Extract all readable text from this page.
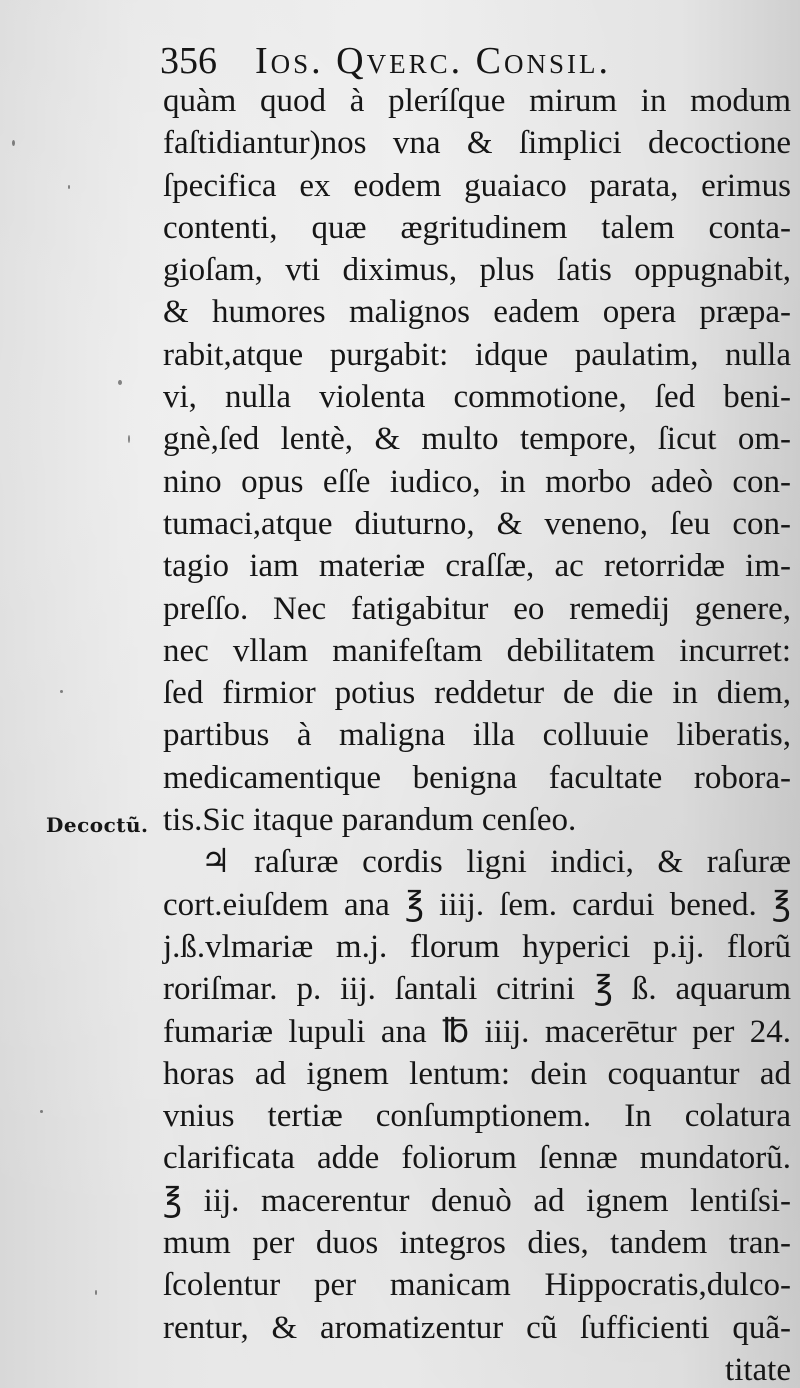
356 Ios. Qverc. Consil.
Decoctũ.
quàm quod à pleríſque mirum in modum
faſtidiantur)nos vna & ſimplici decoctione
ſpecifica ex eodem guaiaco parata, erimus
contenti, quæ ægritudinem talem conta-
gioſam, vti diximus, plus ſatis oppugnabit,
& humores malignos eadem opera præpa-
rabit,atque purgabit: idque paulatim, nulla
vi, nulla violenta commotione, ſed beni-
gnè,ſed lentè, & multo tempore, ſicut om-
nino opus eſſe iudico, in morbo adeò con-
tumaci,atque diuturno, & veneno, ſeu con-
tagio iam materiæ craſſæ, ac retorridæ im-
preſſo. Nec fatigabitur eo remedij genere,
nec vllam manifeſtam debilitatem incurret:
ſed firmior potius reddetur de die in diem,
partibus à maligna illa colluuie liberatis,
medicamentique benigna facultate robora-
tis.Sic itaque parandum cenſeo.
♃ raſuræ cordis ligni indici, & raſuræ
cort.eiuſdem ana ℥ iiij. ſem. cardui bened. ℥
j.ß.vlmariæ m.j. florum hyperici p.ij. florũ
roriſmar. p. iij. ſantali citrini ℥ ß. aquarum
fumariæ lupuli ana ℔ iiij. macerētur per 24.
horas ad ignem lentum: dein coquantur ad
vnius tertiæ conſumptionem. In colatura
clarificata adde foliorum ſennæ mundatorũ.
℥ iij. macerentur denuò ad ignem lentiſsi-
mum per duos integros dies, tandem tran-
ſcolentur per manicam Hippocratis,dulco-
rentur, & aromatizentur cũ ſufficienti quã-
titate
